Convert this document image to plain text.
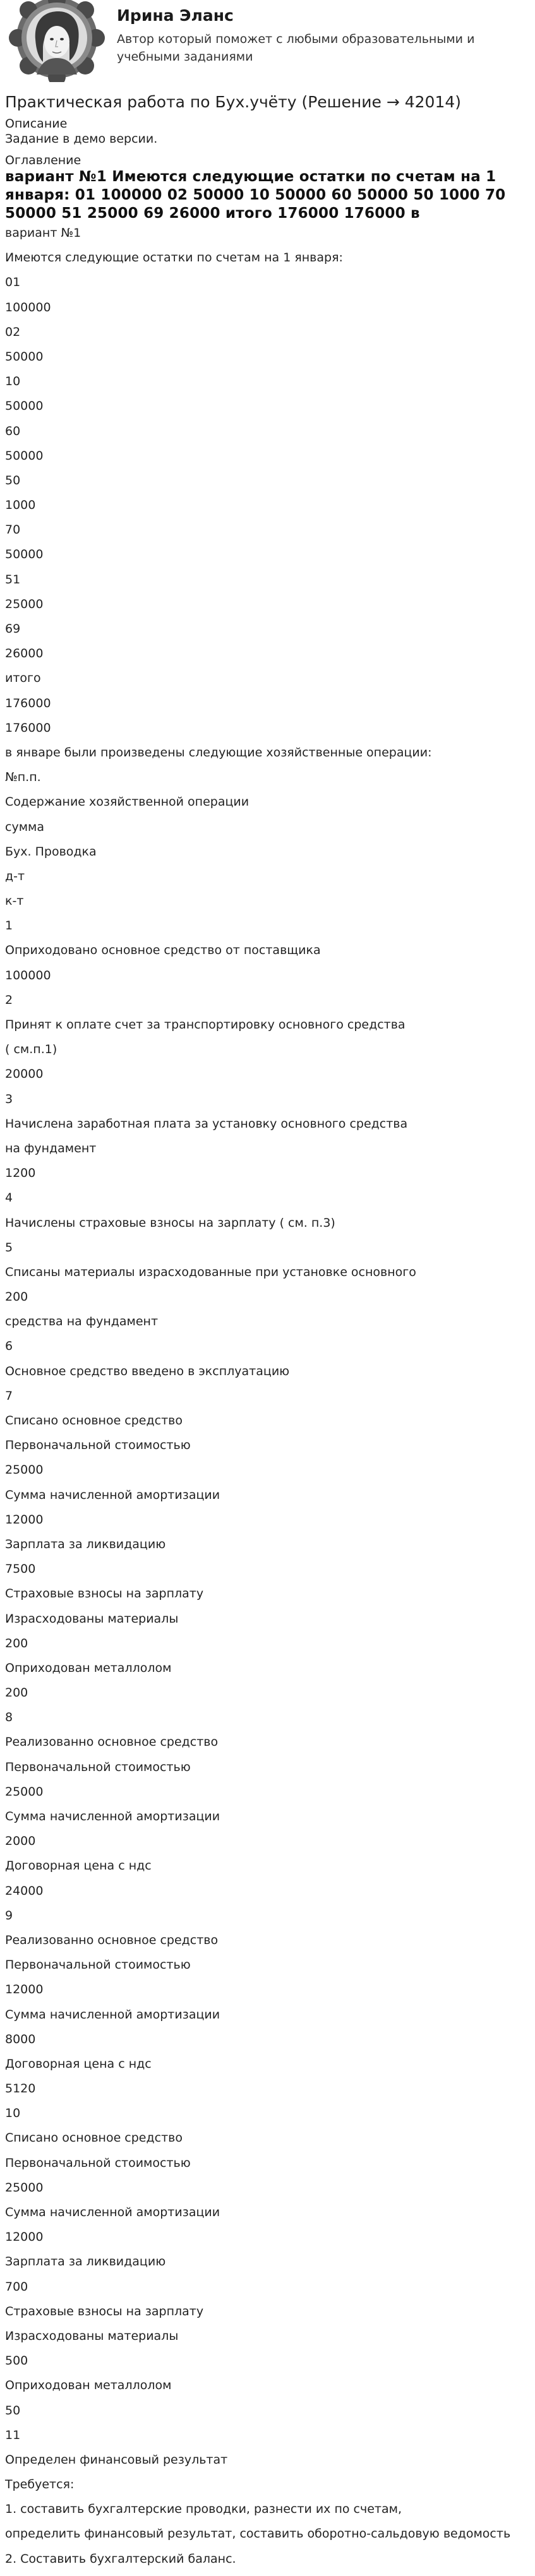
Ирина Эланс
Автор который поможет с любыми образовательными и учебными заданиями
Практическая работа по Бух.учёту (Решение → 42014)
Описание
Задание в демо версии.
Оглавление
вариант №1 Имеются следующие остатки по счетам на 1 января: 01 100000 02 50000 10 50000 60 50000 50 1000 70 50000 51 25000 69 26000 итого 176000 176000 в
вариант №1
Имеются следующие остатки по счетам на 1 января:
01
100000
02
50000
10
50000
60
50000
50
1000
70
50000
51
25000
69
26000
итого
176000
176000
в январе были произведены следующие хозяйственные операции:
№п.п.
Содержание хозяйственной операции
сумма
Бух. Проводка
д-т
к-т
1
Оприходовано основное средство от поставщика
100000
2
Принят к оплате счет за транспортировку основного средства
( см.п.1)
20000
3
Начислена заработная плата за установку основного средства
на фундамент
1200
4
Начислены страховые взносы на зарплату ( см. п.3)
5
Списаны материалы израсходованные при установке основного
200
средства на фундамент
6
Основное средство введено в эксплуатацию
7
Списано основное средство
Первоначальной стоимостью
25000
Сумма начисленной амортизации
12000
Зарплата за ликвидацию
7500
Страховые взносы на зарплату
Израсходованы материалы
200
Оприходован металлолом
200
8
Реализованно основное средство
Первоначальной стоимостью
25000
Сумма начисленной амортизации
2000
Договорная цена с ндс
24000
9
Реализованно основное средство
Первоначальной стоимостью
12000
Сумма начисленной амортизации
8000
Договорная цена с ндс
5120
10
Списано основное средство
Первоначальной стоимостью
25000
Сумма начисленной амортизации
12000
Зарплата за ликвидацию
700
Страховые взносы на зарплату
Израсходованы материалы
500
Оприходован металлолом
50
11
Определен финансовый результат
Требуется:
1. составить бухгалтерские проводки, разнести их по счетам,
определить финансовый результат, составить оборотно-сальдовую ведомость
2. Составить бухгалтерский баланс.
